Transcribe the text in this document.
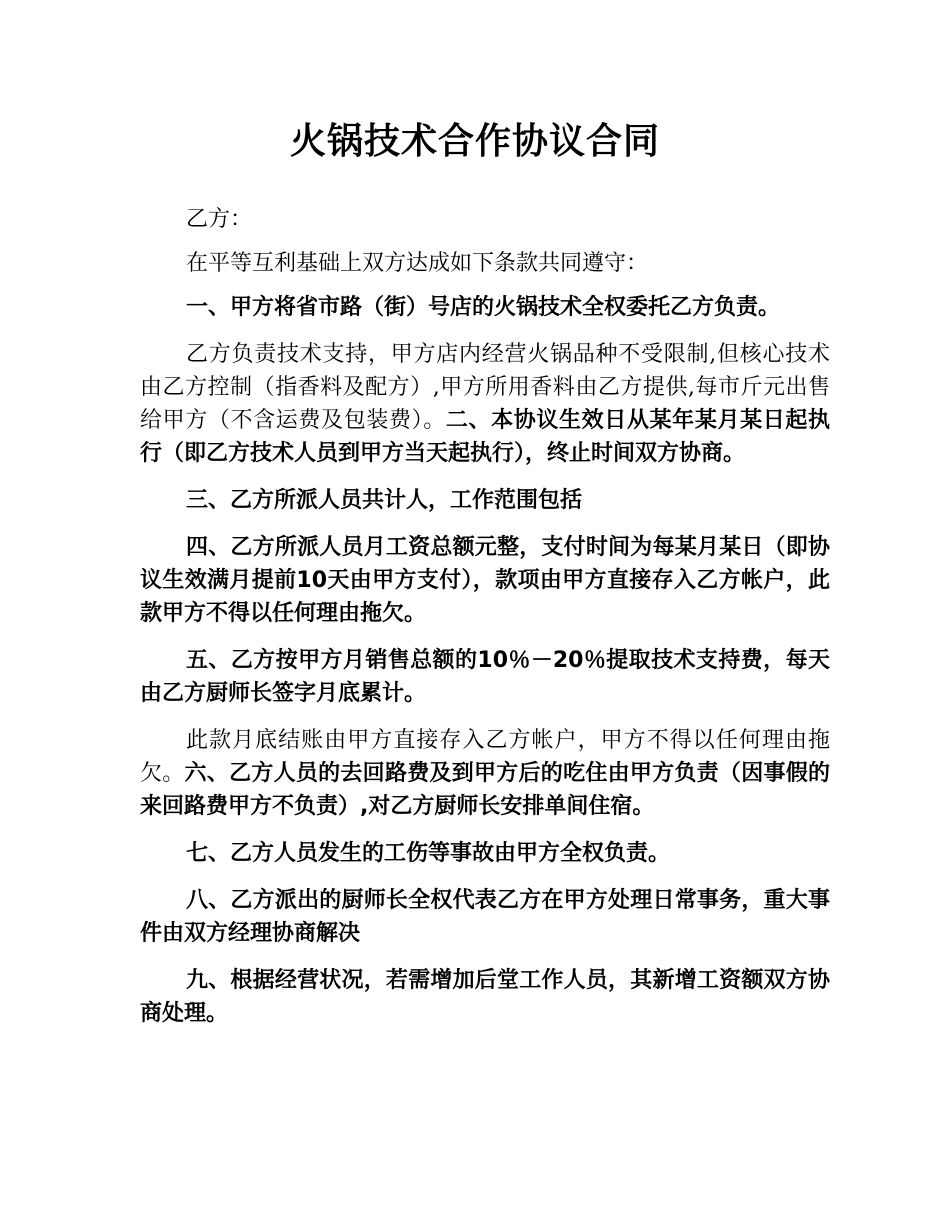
火锅技术合作协议合同

乙方：

在平等互利基础上双方达成如下条款共同遵守：

一、甲方将省市路（街）号店的火锅技术全权委托乙方负责。

乙方负责技术支持，甲方店内经营火锅品种不受限制,但核心技术由乙方控制（指香料及配方）,甲方所用香料由乙方提供,每市斤元出售给甲方（不含运费及包装费）。二、本协议生效日从某年某月某日起执行（即乙方技术人员到甲方当天起执行），终止时间双方协商。

三、乙方所派人员共计人，工作范围包括

四、乙方所派人员月工资总额元整，支付时间为每某月某日（即协议生效满月提前10天由甲方支付），款项由甲方直接存入乙方帐户，此款甲方不得以任何理由拖欠。

五、乙方按甲方月销售总额的10％－20％提取技术支持费，每天由乙方厨师长签字月底累计。

此款月底结账由甲方直接存入乙方帐户，甲方不得以任何理由拖欠。六、乙方人员的去回路费及到甲方后的吃住由甲方负责（因事假的来回路费甲方不负责）,对乙方厨师长安排单间住宿。

七、乙方人员发生的工伤等事故由甲方全权负责。

八、乙方派出的厨师长全权代表乙方在甲方处理日常事务，重大事件由双方经理协商解决

九、根据经营状况，若需增加后堂工作人员，其新增工资额双方协商处理。
